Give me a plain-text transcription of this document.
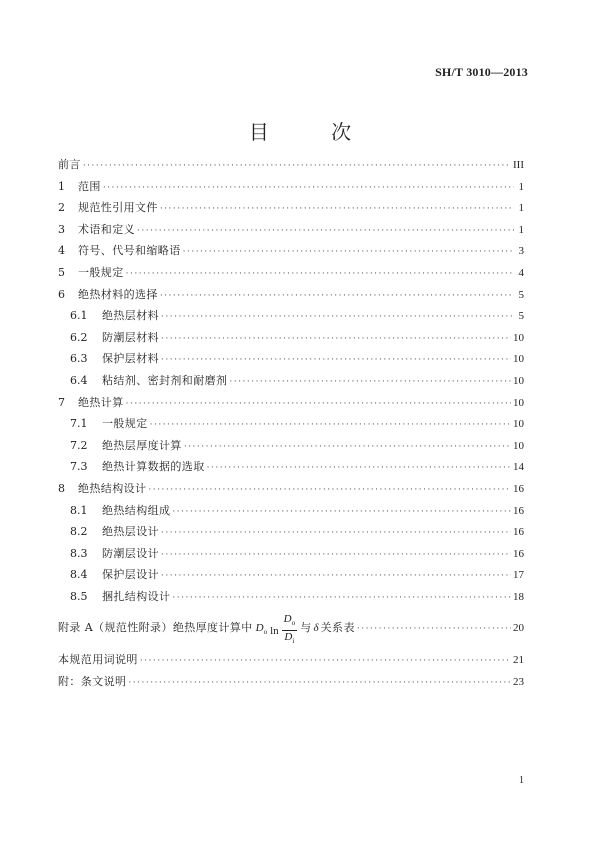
SH/T 3010—2013
目 次
前言 ·····	III
1	范围 ·····	1
2	规范性引用文件 ·····	1
3	术语和定义 ·····	1
4	符号、代号和缩略语 ·····	3
5	一般规定 ·····	4
6	绝热材料的选择 ·····	5
6.1	绝热层材料 ·····	5
6.2	防潮层材料 ·····	10
6.3	保护层材料 ·····	10
6.4	粘结剂、密封剂和耐磨剂 ·····	10
7	绝热计算 ·····	10
7.1	一般规定 ·····	10
7.2	绝热层厚度计算 ·····	10
7.3	绝热计算数据的选取 ·····	14
8	绝热结构设计 ·····	16
8.1	绝热结构组成 ·····	16
8.2	绝热层设计 ·····	16
8.3	防潮层设计 ·····	16
8.4	保护层设计 ·····	17
8.5	捆扎结构设计 ·····	18
附录 A（规范性附录）绝热厚度计算中 $D_o$ $\ln \frac{D_o}{D_i}$ 与 δ 关系表 ·····	20
本规范用词说明 ·····	21
附：条文说明 ·····	23
1
